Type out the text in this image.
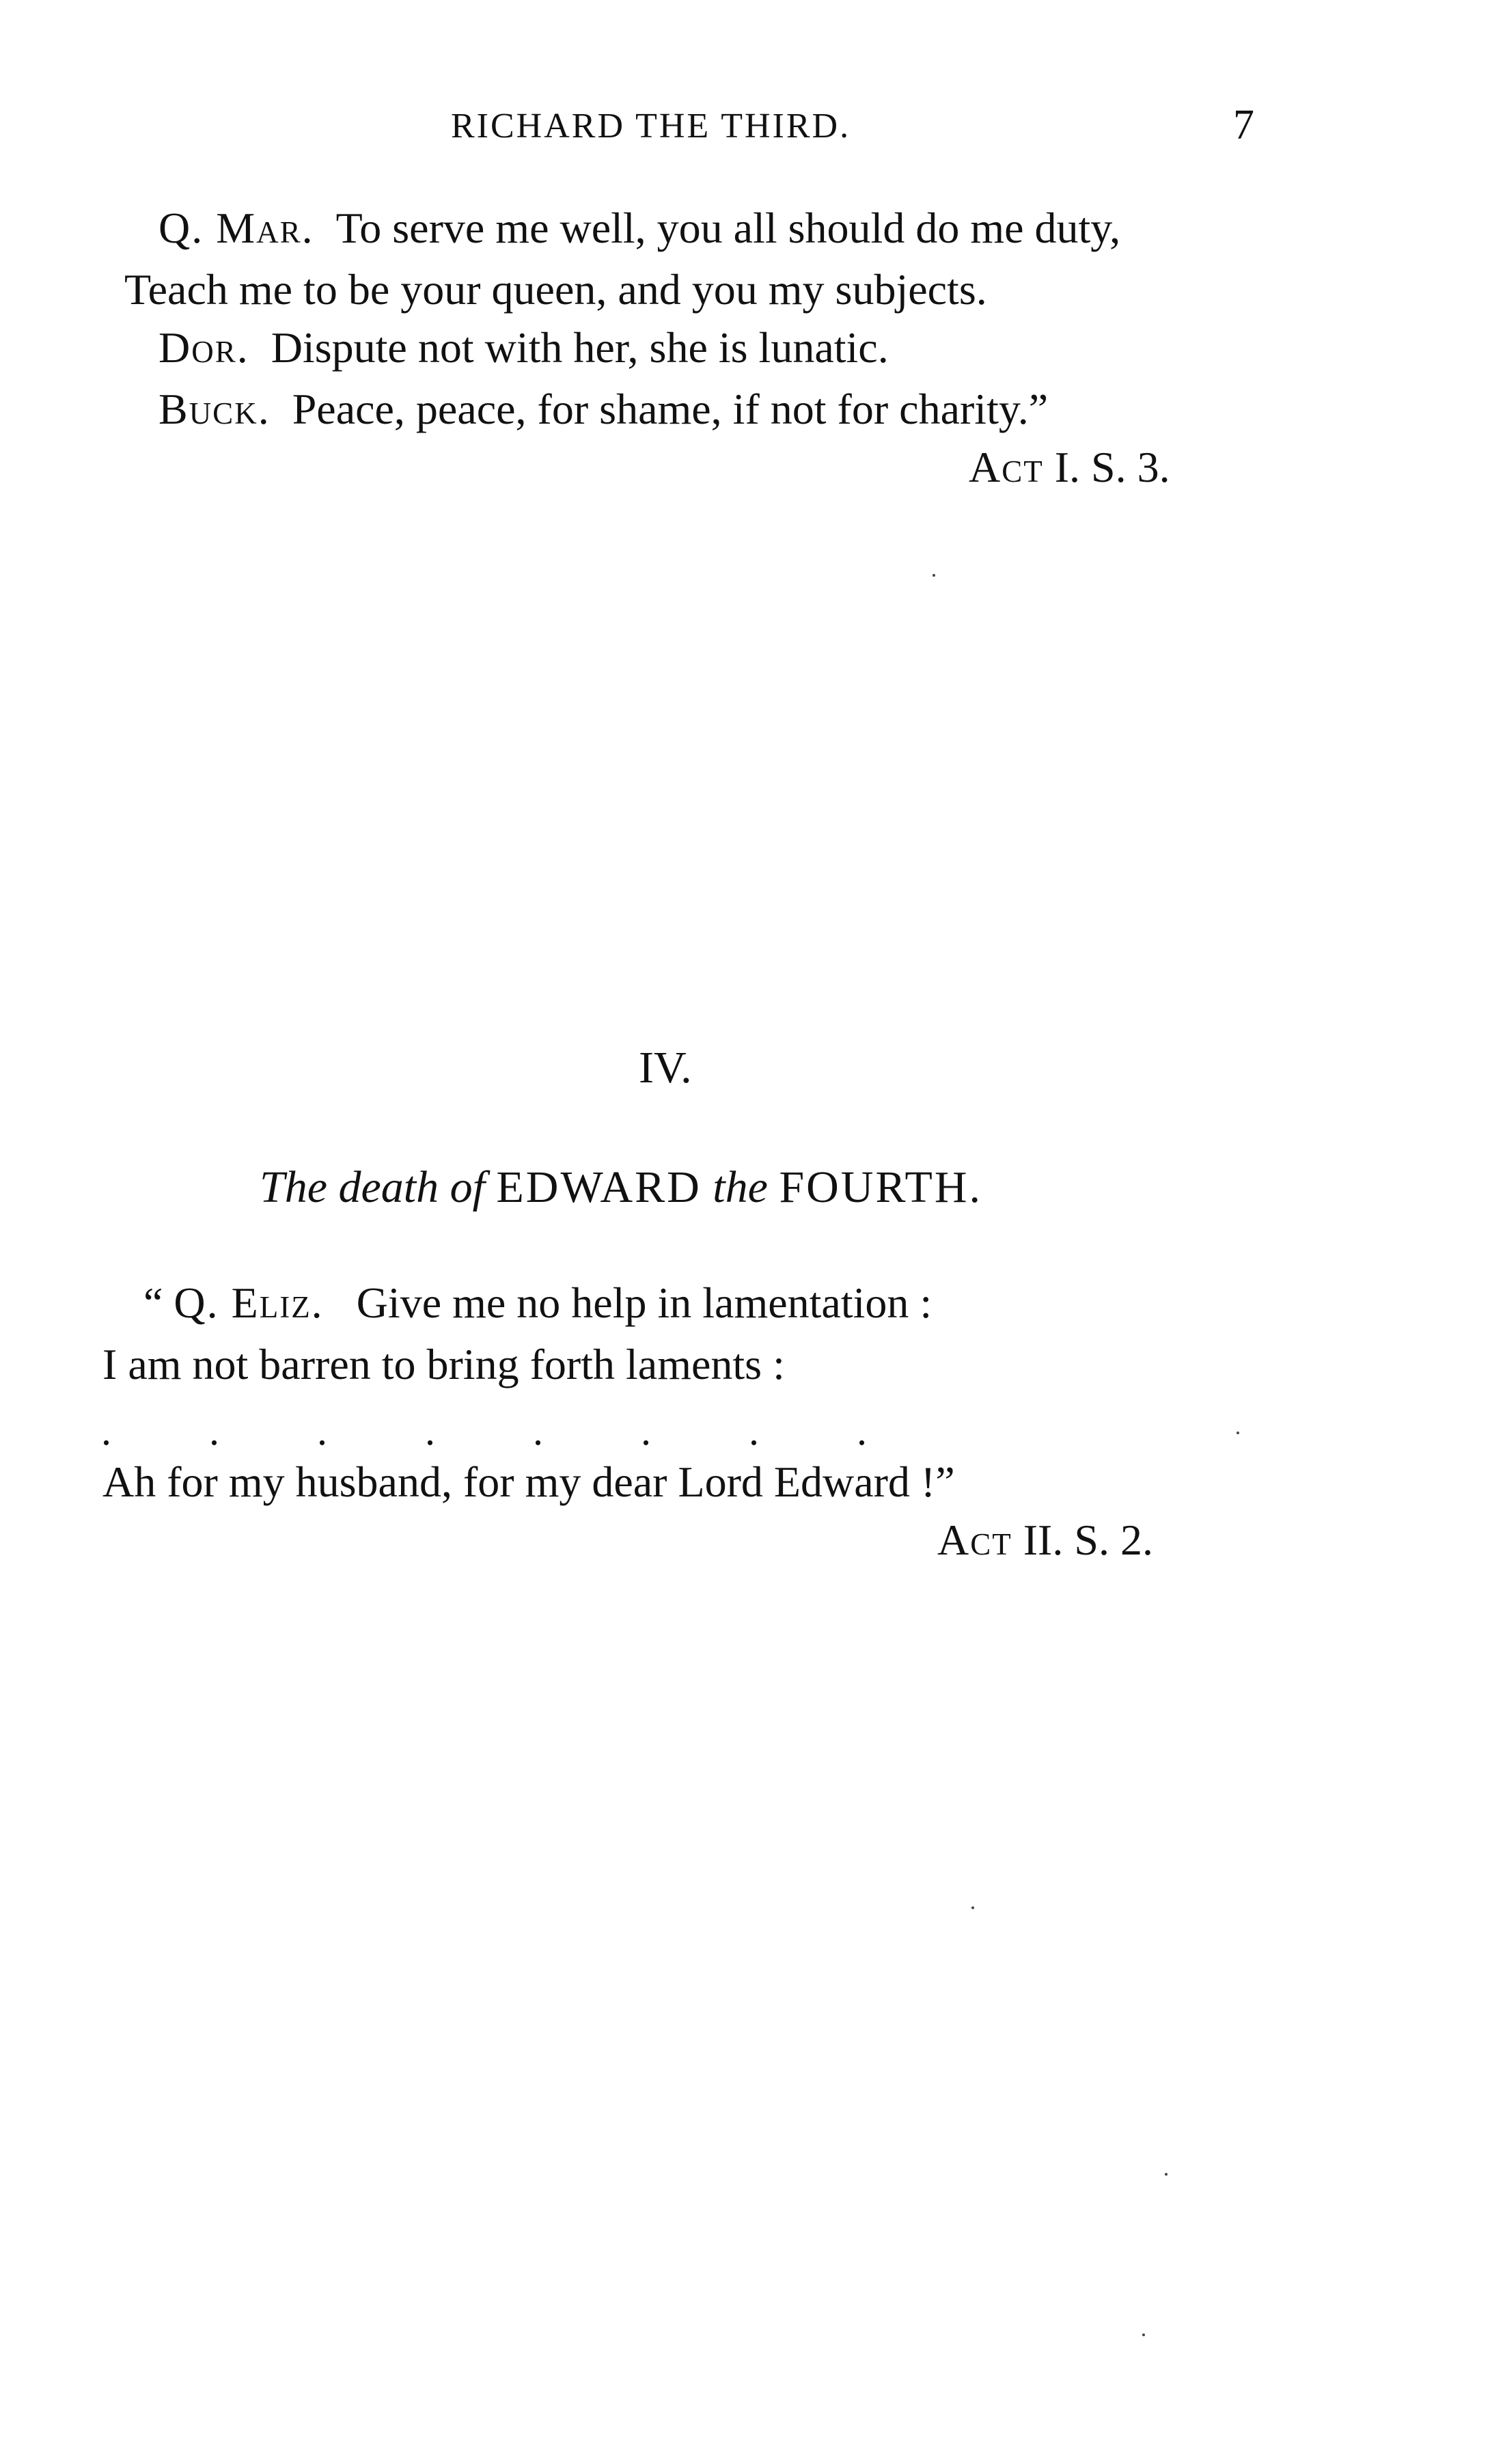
RICHARD THE THIRD.	7
Q. Mar. To serve me well, you all should do me duty,
Teach me to be your queen, and you my subjects.
Dor. Dispute not with her, she is lunatic.
Buck. Peace, peace, for shame, if not for charity.”
Act I. S. 3.
IV.
The death of EDWARD the FOURTH.
“ Q. Eliz. Give me no help in lamentation :
I am not barren to bring forth laments :
. . . . . . . .
Ah for my husband, for my dear Lord Edward !”
Act II. S. 2.
